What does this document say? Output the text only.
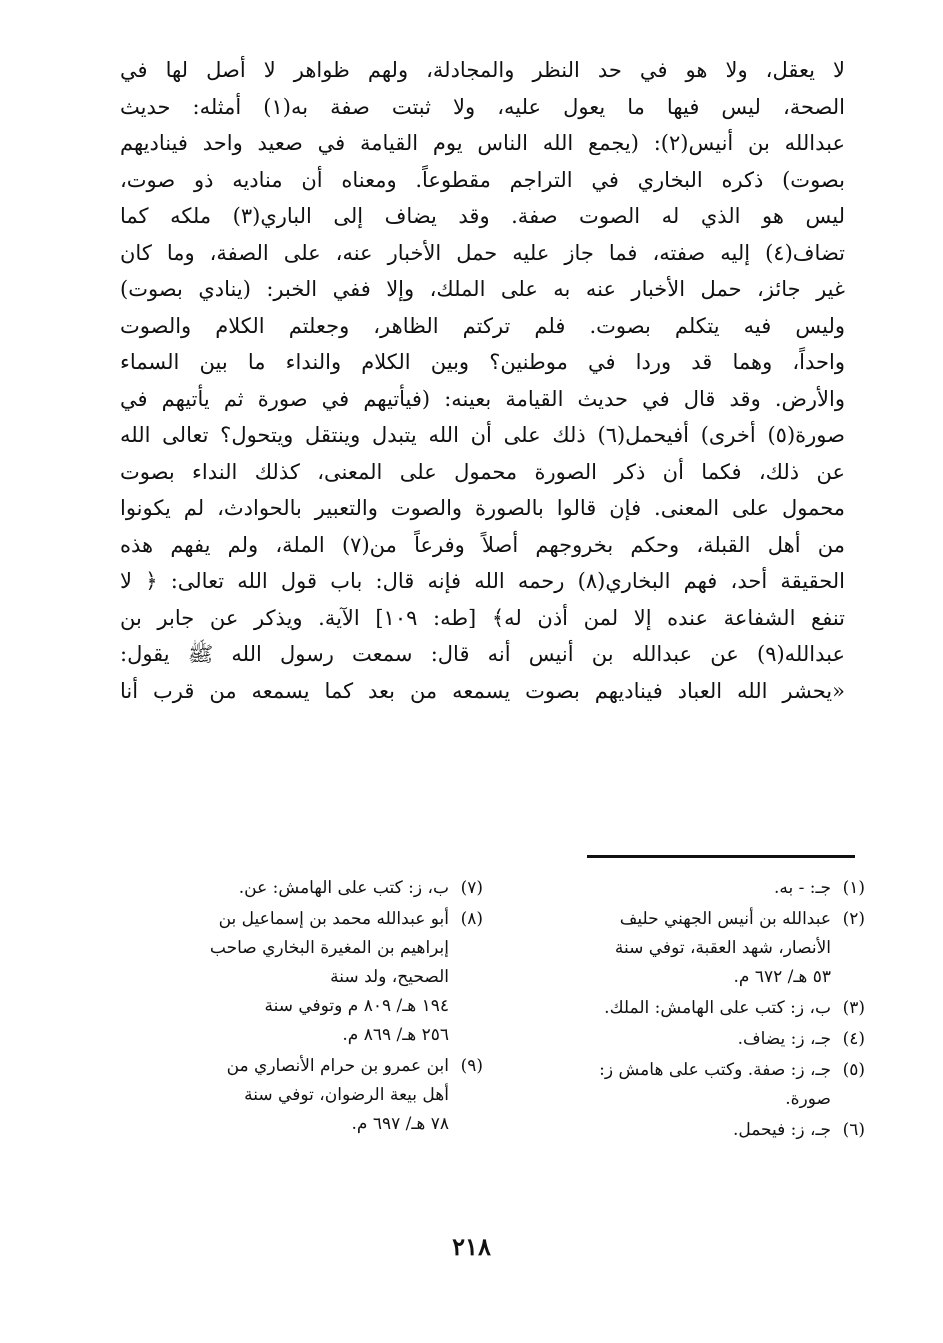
لا يعقل، ولا هو في حد النظر والمجادلة، ولهم ظواهر لا أصل لها في
الصحة، ليس فيها ما يعول عليه، ولا ثبتت صفة به(١) أمثله: حديث
عبدالله بن أنيس(٢): (يجمع الله الناس يوم القيامة في صعيد واحد فيناديهم
بصوت) ذكره البخاري في التراجم مقطوعاً. ومعناه أن مناديه ذو صوت،
ليس هو الذي له الصوت صفة. وقد يضاف إلى الباري(٣) ملكه كما
تضاف(٤) إليه صفته، فما جاز عليه حمل الأخبار عنه، على الصفة، وما كان
غير جائز، حمل الأخبار عنه به على الملك، وإلا ففي الخبر: (ينادي بصوت)
وليس فيه يتكلم بصوت. فلم تركتم الظاهر، وجعلتم الكلام والصوت
واحداً، وهما قد وردا في موطنين؟ وبين الكلام والنداء ما بين السماء
والأرض. وقد قال في حديث القيامة بعينه: (فيأتيهم في صورة ثم يأتيهم في
صورة(٥) أخرى) أفيحمل(٦) ذلك على أن الله يتبدل وينتقل ويتحول؟ تعالى الله
عن ذلك، فكما أن ذكر الصورة محمول على المعنى، كذلك النداء بصوت
محمول على المعنى. فإن قالوا بالصورة والصوت والتعبير بالحوادث، لم يكونوا
من أهل القبلة، وحكم بخروجهم أصلاً وفرعاً من(٧) الملة، ولم يفهم هذه
الحقيقة أحد، فهم البخاري(٨) رحمه الله فإنه قال: باب قول الله تعالى: ﴿ لا
تنفع الشفاعة عنده إلا لمن أذن له﴾ [طه: ١٠٩] الآية. ويذكر عن جابر بن
عبدالله(٩) عن عبدالله بن أنيس أنه قال: سمعت رسول الله ﷺ يقول:
«يحشر الله العباد فيناديهم بصوت يسمعه من بعد كما يسمعه من قرب أنا
(١)
جـ: - به.
(٢)
عبدالله بن أنيس الجهني حليف
الأنصار، شهد العقبة، توفي سنة
٥٣ هـ/ ٦٧٢ م.
(٣)
ب، ز: كتب على الهامش: الملك.
(٤)
جـ، ز: يضاف.
(٥)
جـ، ز: صفة. وكتب على هامش ز:
صورة.
(٦)
جـ، ز: فيحمل.
(٧)
ب، ز: كتب على الهامش: عن.
(٨)
أبو عبدالله محمد بن إسماعيل بن
إبراهيم بن المغيرة البخاري صاحب
الصحيح، ولد سنة
١٩٤ هـ/ ٨٠٩ م وتوفي سنة
٢٥٦ هـ/ ٨٦٩ م.
(٩)
ابن عمرو بن حرام الأنصاري من
أهل بيعة الرضوان، توفي سنة
٧٨ هـ/ ٦٩٧ م.
٢١٨
